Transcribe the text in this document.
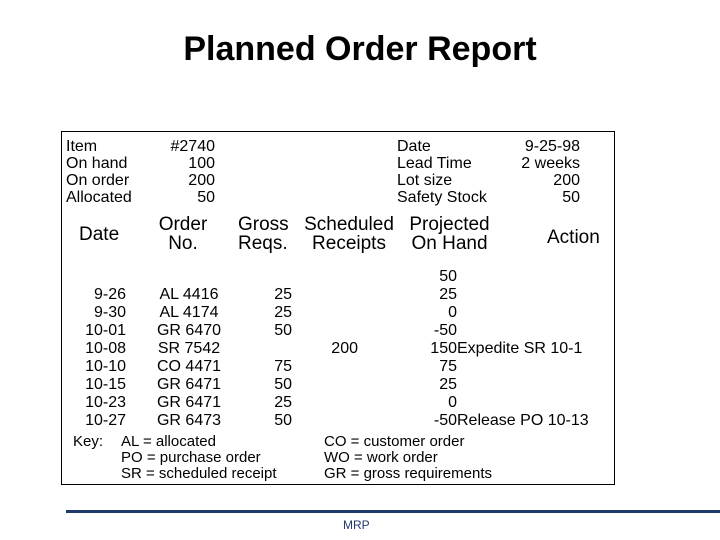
Planned Order Report
Item
On hand
On order
Allocated
#2740
100
200
50
Date
Lead Time
Lot size
Safety Stock
9-25-98
2 weeks
200
50
Date	Order
No.
Gross
Reqs.
Scheduled
Receipts
Projected
On Hand	Action
9-26
9-30
10-01
10-08
10-10
10-15
10-23
10-27
AL 4416
AL 4174
GR 6470
SR 7542
CO 4471
GR 6471
GR 6471
GR 6473
25
25
50
75
50
25
50
200
50
25
0
-50
150
75
25
0
-50
Expedite SR 10-1
Release PO 10-13
Key: AL = allocated
PO = purchase order
SR = scheduled receipt
CO = customer order
WO = work order
GR = gross requirements
MRP
